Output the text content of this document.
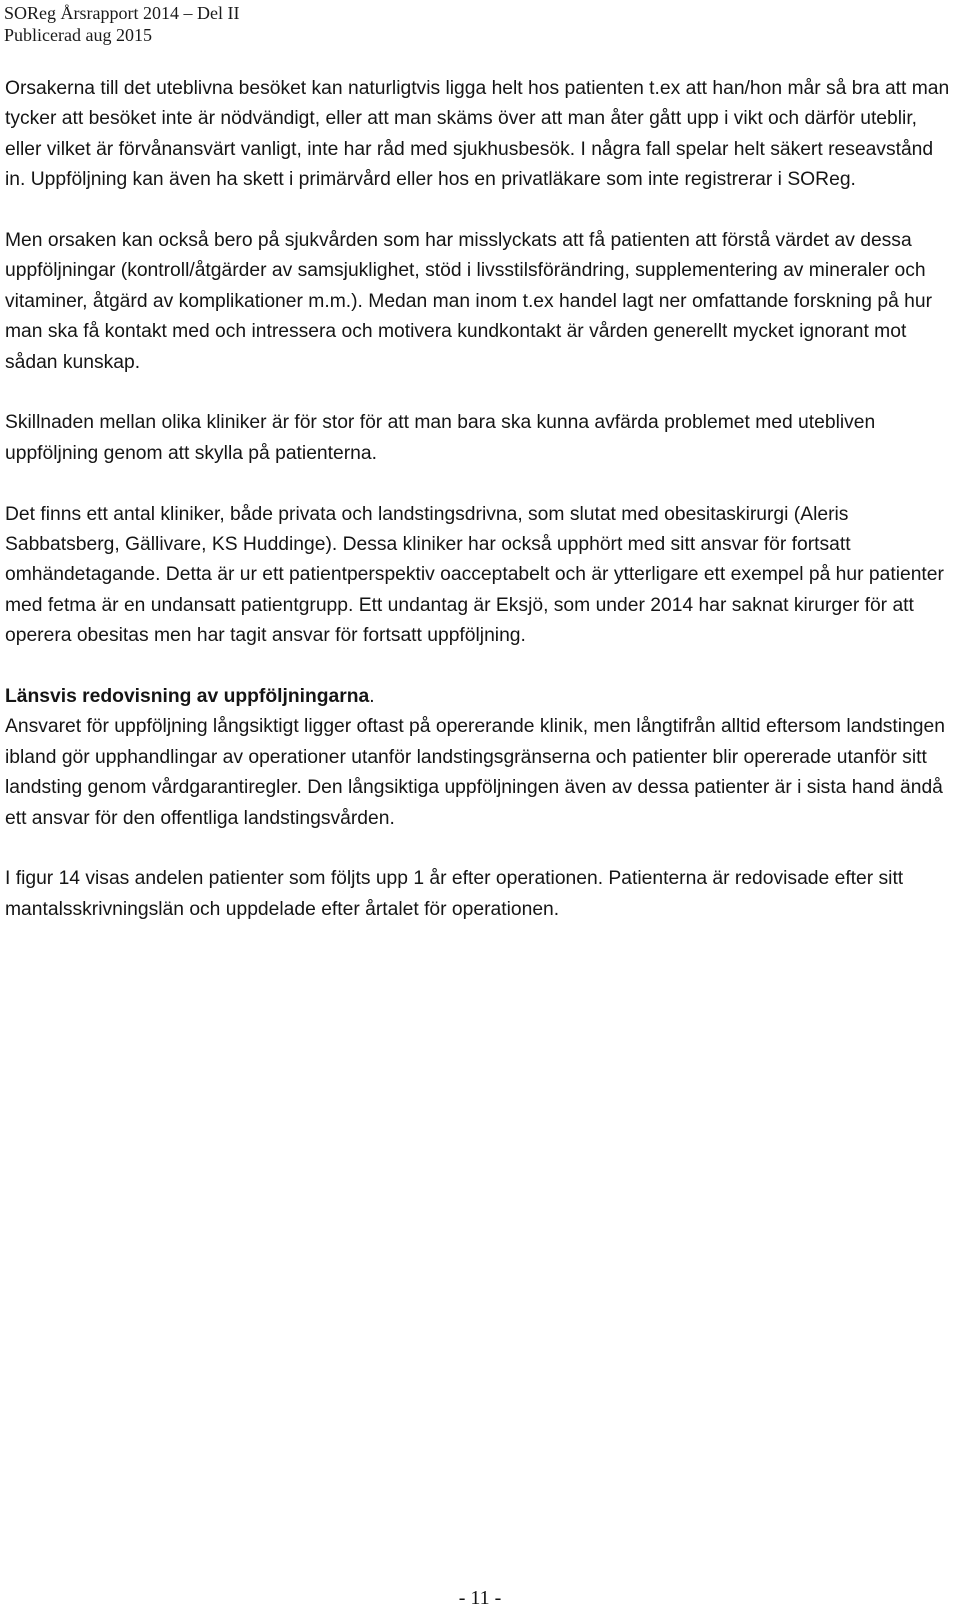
SOReg Årsrapport 2014 – Del II
Publicerad aug 2015

Orsakerna till det uteblivna besöket kan naturligtvis ligga helt hos patienten t.ex att han/hon mår så bra att man tycker att besöket inte är nödvändigt, eller att man skäms över att man åter gått upp i vikt och därför uteblir, eller vilket är förvånansvärt vanligt, inte har råd med sjukhusbesök. I några fall spelar helt säkert reseavstånd in. Uppföljning kan även ha skett i primärvård eller hos en privatläkare som inte registrerar i SOReg.

Men orsaken kan också bero på sjukvården som har misslyckats att få patienten att förstå värdet av dessa uppföljningar (kontroll/åtgärder av samsjuklighet, stöd i livsstilsförändring, supplementering av mineraler och vitaminer, åtgärd av komplikationer m.m.). Medan man inom t.ex handel lagt ner omfattande forskning på hur man ska få kontakt med och intressera och motivera kundkontakt är vården generellt mycket ignorant mot sådan kunskap.

Skillnaden mellan olika kliniker är för stor för att man bara ska kunna avfärda problemet med utebliven uppföljning genom att skylla på patienterna.

Det finns ett antal kliniker, både privata och landstingsdrivna, som slutat med obesitaskirurgi (Aleris Sabbatsberg, Gällivare, KS Huddinge). Dessa kliniker har också upphört med sitt ansvar för fortsatt omhändetagande. Detta är ur ett patientperspektiv oacceptabelt och är ytterligare ett exempel på hur patienter med fetma är en undansatt patientgrupp. Ett undantag är Eksjö, som under 2014 har saknat kirurger för att operera obesitas men har tagit ansvar för fortsatt uppföljning.

Länsvis redovisning av uppföljningarna.

Ansvaret för uppföljning långsiktigt ligger oftast på opererande klinik, men långtifrån alltid eftersom landstingen ibland gör upphandlingar av operationer utanför landstingsgränserna och patienter blir opererade utanför sitt landsting genom vårdgarantiregler. Den långsiktiga uppföljningen även av dessa patienter är i sista hand ändå ett ansvar för den offentliga landstingsvården.

I figur 14 visas andelen patienter som följts upp 1 år efter operationen. Patienterna är redovisade efter sitt mantalsskrivningslän och uppdelade efter årtalet för operationen.

- 11 -
